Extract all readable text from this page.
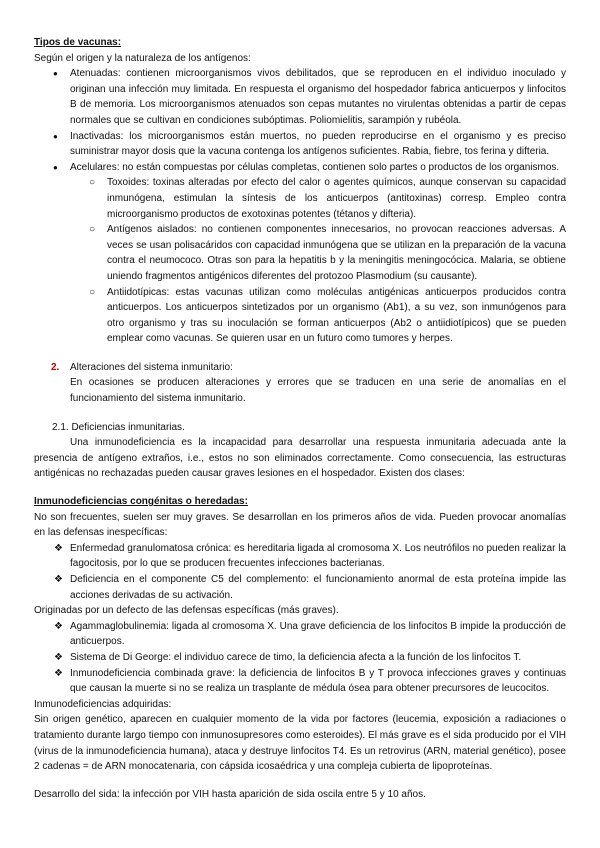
Tipos de vacunas:
Según el origen y la naturaleza de los antígenos:
● Atenuadas: contienen microorganismos vivos debilitados, que se reproducen en el individuo inoculado y originan una infección muy limitada. En respuesta el organismo del hospedador fabrica anticuerpos y linfocitos B de memoria. Los microorganismos atenuados son cepas mutantes no virulentas obtenidas a partir de cepas normales que se cultivan en condiciones subóptimas. Poliomielitis, sarampión y rubéola.
● Inactivadas: los microorganismos están muertos, no pueden reproducirse en el organismo y es preciso suministrar mayor dosis que la vacuna contenga los antígenos suficientes. Rabia, fiebre, tos ferina y difteria.
● Acelulares: no están compuestas por células completas, contienen solo partes o productos de los organismos.
○ Toxoides: toxinas alteradas por efecto del calor o agentes químicos, aunque conservan su capacidad inmunógena, estimulan la síntesis de los anticuerpos (antitoxinas) corresp. Empleo contra microorganismo productos de exotoxinas potentes (tétanos y difteria).
○ Antígenos aislados: no contienen componentes innecesarios, no provocan reacciones adversas. A veces se usan polisacáridos con capacidad inmunógena que se utilizan en la preparación de la vacuna contra el neumococo. Otras son para la hepatitis b y la meningitis meningocócica. Malaria, se obtiene uniendo fragmentos antigénicos diferentes del protozoo Plasmodium (su causante).
○ Antiidotípicas: estas vacunas utilizan como moléculas antigénicas anticuerpos producidos contra anticuerpos. Los anticuerpos sintetizados por un organismo (Ab1), a su vez, son inmunógenos para otro organismo y tras su inoculación se forman anticuerpos (Ab2 o antiidiotípicos) que se pueden emplear como vacunas. Se quieren usar en un futuro como tumores y herpes.
2. Alteraciones del sistema inmunitario:
En ocasiones se producen alteraciones y errores que se traducen en una serie de anomalías en el funcionamiento del sistema inmunitario.
2.1. Deficiencias inmunitarias.
Una inmunodeficiencia es la incapacidad para desarrollar una respuesta inmunitaria adecuada ante la presencia de antígeno extraños, i.e., estos no son eliminados correctamente. Como consecuencia, las estructuras antigénicas no rechazadas pueden causar graves lesiones en el hospedador. Existen dos clases:
Inmunodeficiencias congénitas o heredadas:
No son frecuentes, suelen ser muy graves. Se desarrollan en los primeros años de vida. Pueden provocar anomalías en las defensas inespecíficas:
❖ Enfermedad granulomatosa crónica: es hereditaria ligada al cromosoma X. Los neutrófilos no pueden realizar la fagocitosis, por lo que se producen frecuentes infecciones bacterianas.
❖ Deficiencia en el componente C5 del complemento: el funcionamiento anormal de esta proteína impide las acciones derivadas de su activación.
Originadas por un defecto de las defensas específicas (más graves).
❖ Agammaglobulinemia: ligada al cromosoma X. Una grave deficiencia de los linfocitos B impide la producción de anticuerpos.
❖ Sistema de Di George: el individuo carece de timo, la deficiencia afecta a la función de los linfocitos T.
❖ Inmunodeficiencia combinada grave: la deficiencia de linfocitos B y T provoca infecciones graves y continuas que causan la muerte si no se realiza un trasplante de médula ósea para obtener precursores de leucocitos.
Inmunodeficiencias adquiridas:
Sin origen genético, aparecen en cualquier momento de la vida por factores (leucemia, exposición a radiaciones o tratamiento durante largo tiempo con inmunosupresores como esteroides). El más grave es el sida producido por el VIH (virus de la inmunodeficiencia humana), ataca y destruye linfocitos T4. Es un retrovirus (ARN, material genético), posee 2 cadenas = de ARN monocatenaria, con cápsida icosaédrica y una compleja cubierta de lipoproteínas.
Desarrollo del sida: la infección por VIH hasta aparición de sida oscila entre 5 y 10 años.
